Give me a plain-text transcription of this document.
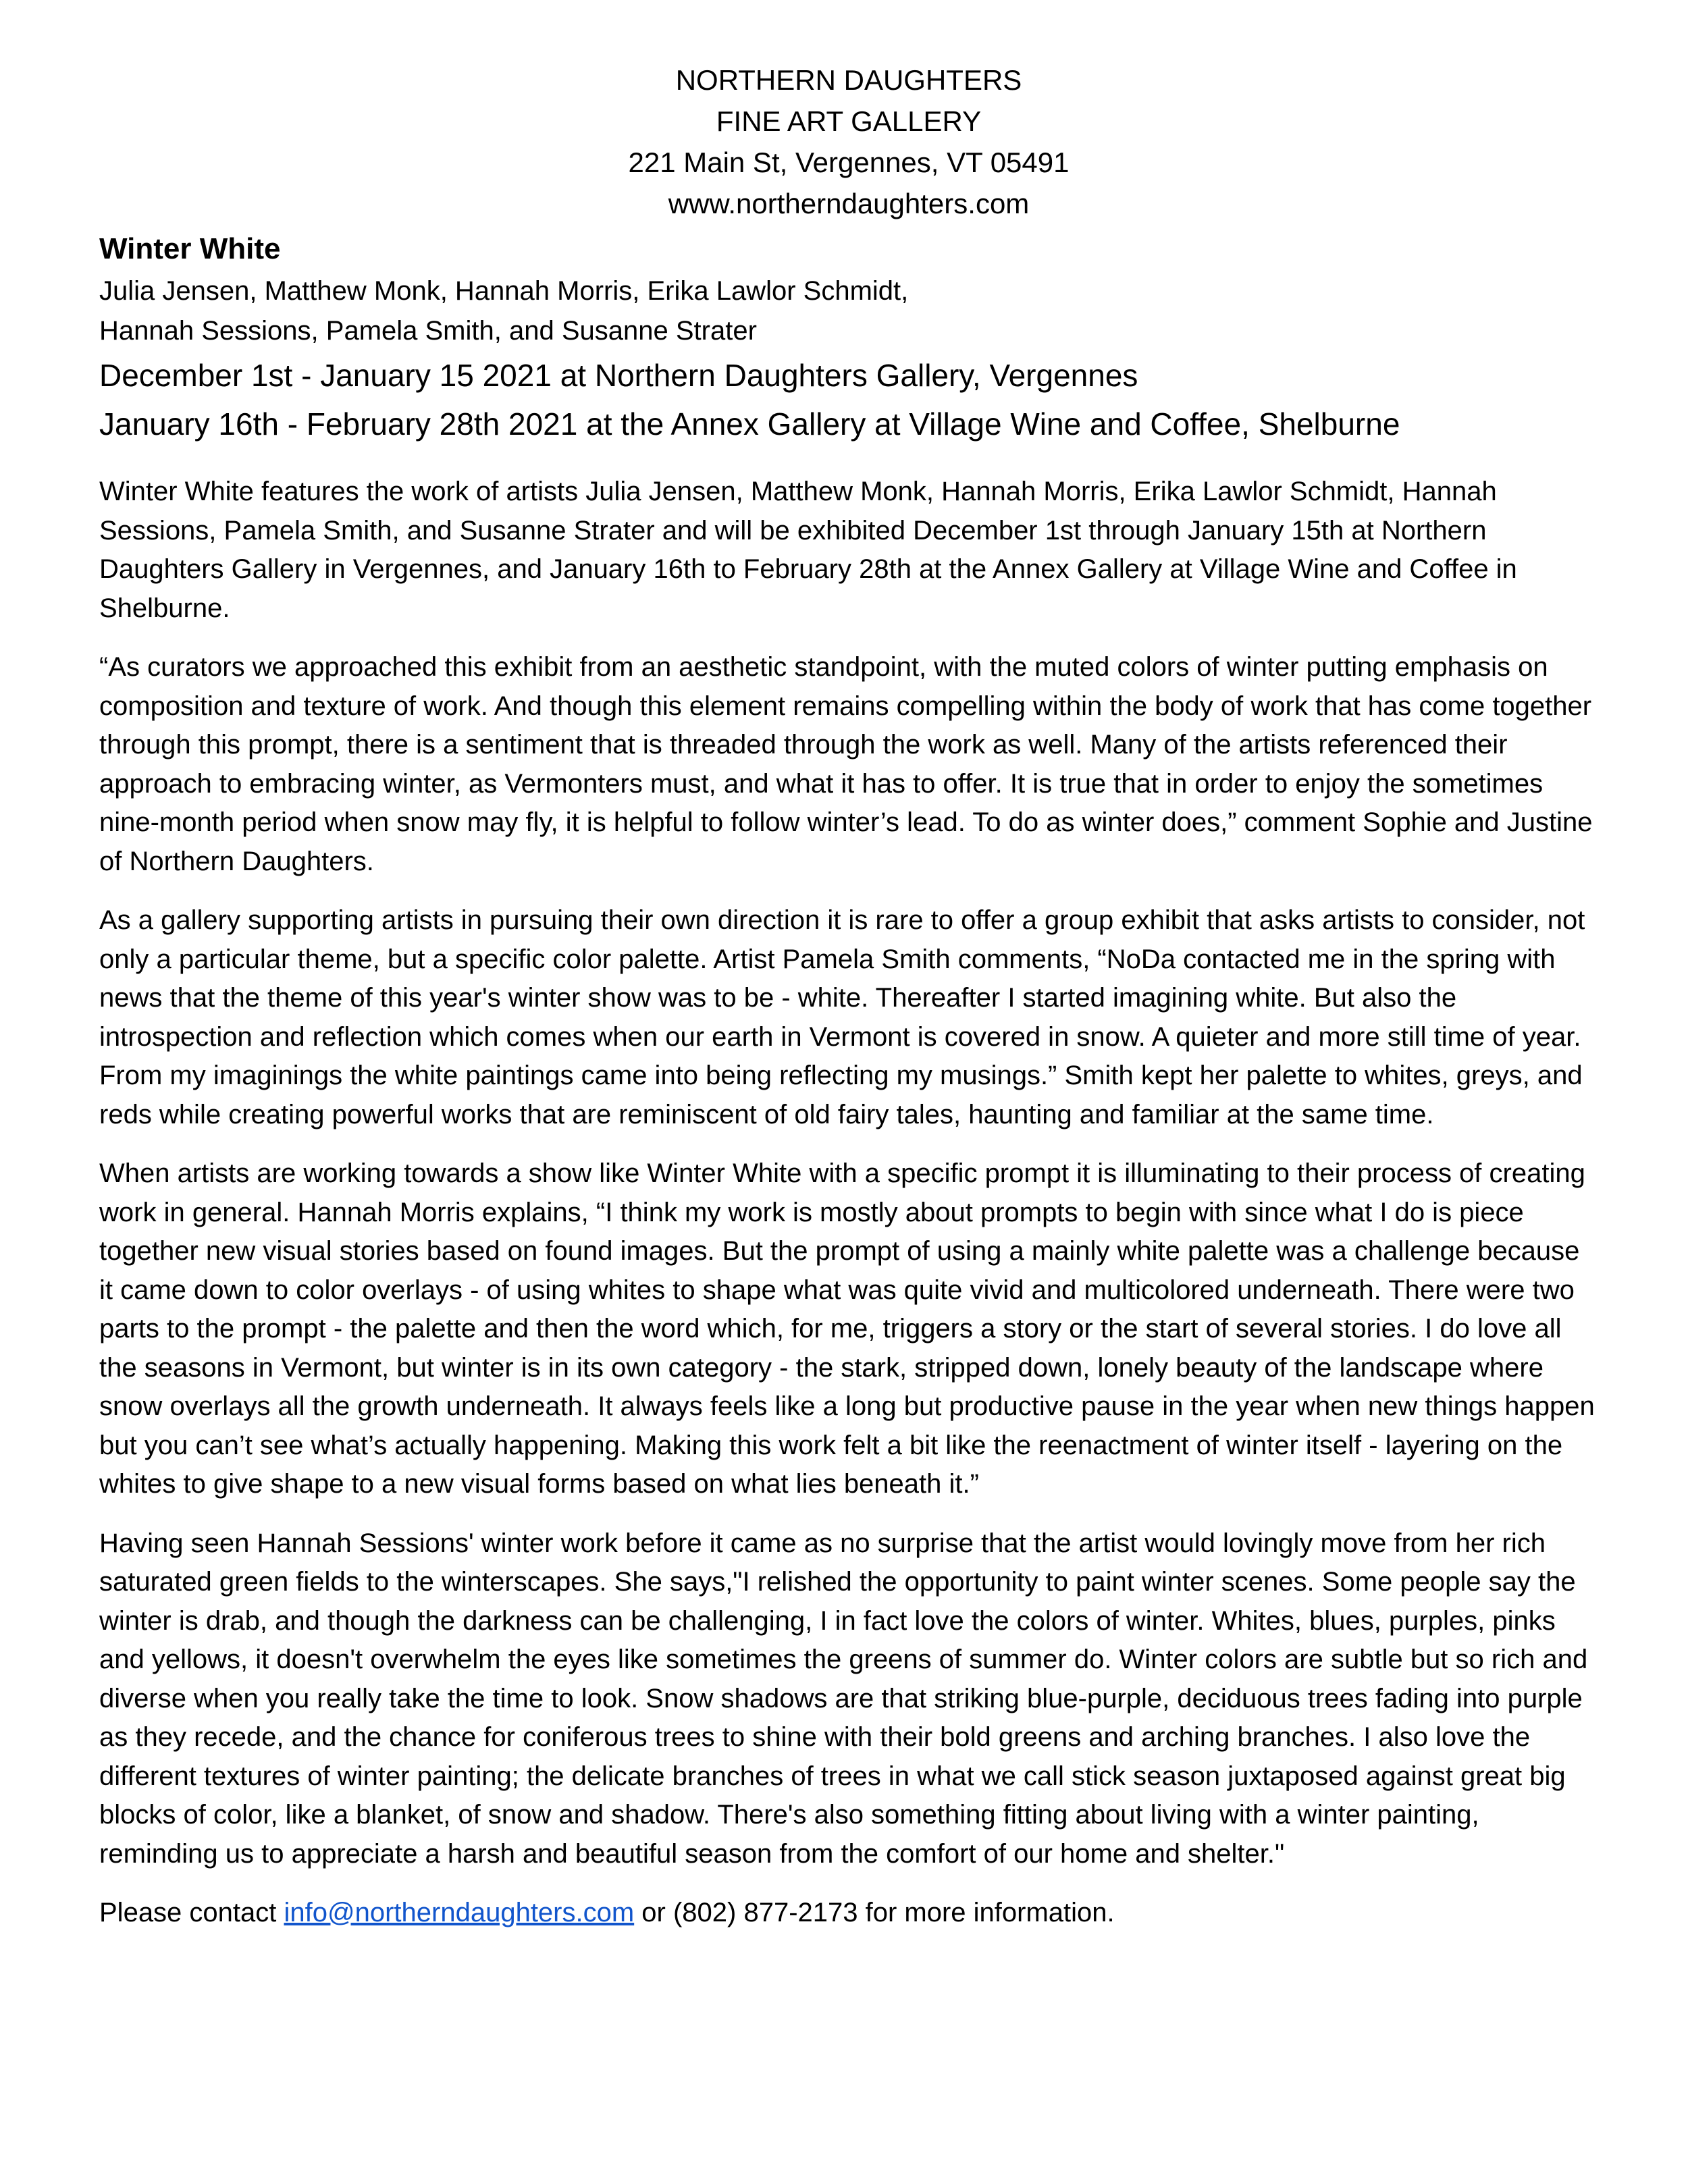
NORTHERN DAUGHTERS
FINE ART GALLERY
221 Main St, Vergennes, VT 05491
www.northerndaughters.com
Winter White
Julia Jensen, Matthew Monk, Hannah Morris, Erika Lawlor Schmidt,
Hannah Sessions, Pamela Smith, and Susanne Strater
December 1st - January 15 2021 at Northern Daughters Gallery, Vergennes
January 16th - February 28th 2021 at the Annex Gallery at Village Wine and Coffee, Shelburne

Winter White features the work of artists Julia Jensen, Matthew Monk, Hannah Morris, Erika Lawlor Schmidt, Hannah Sessions, Pamela Smith, and Susanne Strater and will be exhibited December 1st through January 15th at Northern Daughters Gallery in Vergennes, and January 16th to February 28th at the Annex Gallery at Village Wine and Coffee in Shelburne.

“As curators we approached this exhibit from an aesthetic standpoint, with the muted colors of winter putting emphasis on composition and texture of work. And though this element remains compelling within the body of work that has come together through this prompt, there is a sentiment that is threaded through the work as well. Many of the artists referenced their approach to embracing winter, as Vermonters must, and what it has to offer. It is true that in order to enjoy the sometimes nine-month period when snow may fly, it is helpful to follow winter’s lead. To do as winter does,” comment Sophie and Justine of Northern Daughters.

As a gallery supporting artists in pursuing their own direction it is rare to offer a group exhibit that asks artists to consider, not only a particular theme, but a specific color palette. Artist Pamela Smith comments, “NoDa contacted me in the spring with news that the theme of this year's winter show was to be - white. Thereafter I started imagining white. But also the introspection and reflection which comes when our earth in Vermont is covered in snow. A quieter and more still time of year. From my imaginings the white paintings came into being reflecting my musings.” Smith kept her palette to whites, greys, and reds while creating powerful works that are reminiscent of old fairy tales, haunting and familiar at the same time.

When artists are working towards a show like Winter White with a specific prompt it is illuminating to their process of creating work in general. Hannah Morris explains, “I think my work is mostly about prompts to begin with since what I do is piece together new visual stories based on found images. But the prompt of using a mainly white palette was a challenge because it came down to color overlays - of using whites to shape what was quite vivid and multicolored underneath. There were two parts to the prompt - the palette and then the word which, for me, triggers a story or the start of several stories. I do love all the seasons in Vermont, but winter is in its own category - the stark, stripped down, lonely beauty of the landscape where snow overlays all the growth underneath. It always feels like a long but productive pause in the year when new things happen but you can’t see what’s actually happening. Making this work felt a bit like the reenactment of winter itself - layering on the whites to give shape to a new visual forms based on what lies beneath it.”

Having seen Hannah Sessions' winter work before it came as no surprise that the artist would lovingly move from her rich saturated green fields to the winterscapes. She says,"I relished the opportunity to paint winter scenes. Some people say the winter is drab, and though the darkness can be challenging, I in fact love the colors of winter. Whites, blues, purples, pinks and yellows, it doesn't overwhelm the eyes like sometimes the greens of summer do. Winter colors are subtle but so rich and diverse when you really take the time to look. Snow shadows are that striking blue-purple, deciduous trees fading into purple as they recede, and the chance for coniferous trees to shine with their bold greens and arching branches. I also love the different textures of winter painting; the delicate branches of trees in what we call stick season juxtaposed against great big blocks of color, like a blanket, of snow and shadow. There's also something fitting about living with a winter painting, reminding us to appreciate a harsh and beautiful season from the comfort of our home and shelter."

Please contact info@northerndaughters.com or (802) 877-2173 for more information.
